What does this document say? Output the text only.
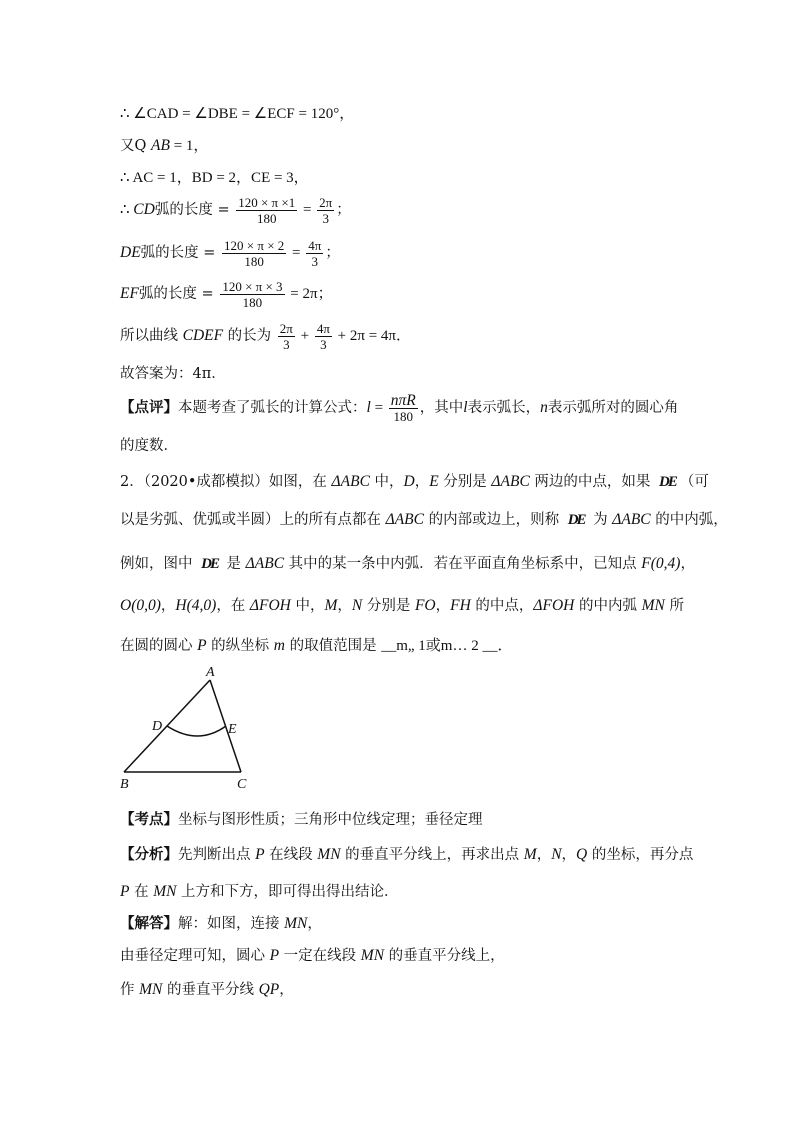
∴ ∠CAD = ∠DBE = ∠ECF = 120°，
又Q AB = 1，
∴ AC = 1，BD = 2，CE = 3，
∴ CD弧的长度 = $\frac{120 \times \pi \times 1}{180} = \frac{2\pi}{3}$ ；
DE弧的长度 = $\frac{120 \times \pi \times 2}{180} = \frac{4\pi}{3}$ ；
EF弧的长度 = $\frac{120 \times \pi \times 3}{180} = 2\pi$；
所以曲线 CDEF 的长为 $\frac{2\pi}{3} + \frac{4\pi}{3} + 2\pi = 4\pi$．
故答案为：4π．
【点评】本题考查了弧长的计算公式：$l = \frac{\text{nπR}}{180}$ ，其中l表示弧长，n表示弧所对的圆心角
的度数．
2．（2020•成都模拟）如图，在 ΔABC 中，D，E 分别是 ΔABC 两边的中点，如果 DE （可
以是劣弧、优弧或半圆）上的所有点都在 ΔABC 的内部或边上，则称 DE 为 ΔABC 的中内弧，
例如，图中 DE 是 ΔABC 其中的某一条中内弧．若在平面直角坐标系中，已知点 F(0,4)，
O(0,0)，H(4,0)，在 ΔFOH 中，M，N 分别是 FO，FH 的中点，ΔFOH 的中内弧 MN 所
在圆的圆心 P 的纵坐标 m 的取值范围是 __m„ 1或m… 2 __．
A
B	C
D	E
【考点】坐标与图形性质；三角形中位线定理；垂径定理
【分析】先判断出点 P 在线段 MN 的垂直平分线上，再求出点 M，N，Q 的坐标，再分点
P 在 MN 上方和下方，即可得出得出结论．
【解答】解：如图，连接 MN，
由垂径定理可知，圆心 P 一定在线段 MN 的垂直平分线上，
作 MN 的垂直平分线 QP，
